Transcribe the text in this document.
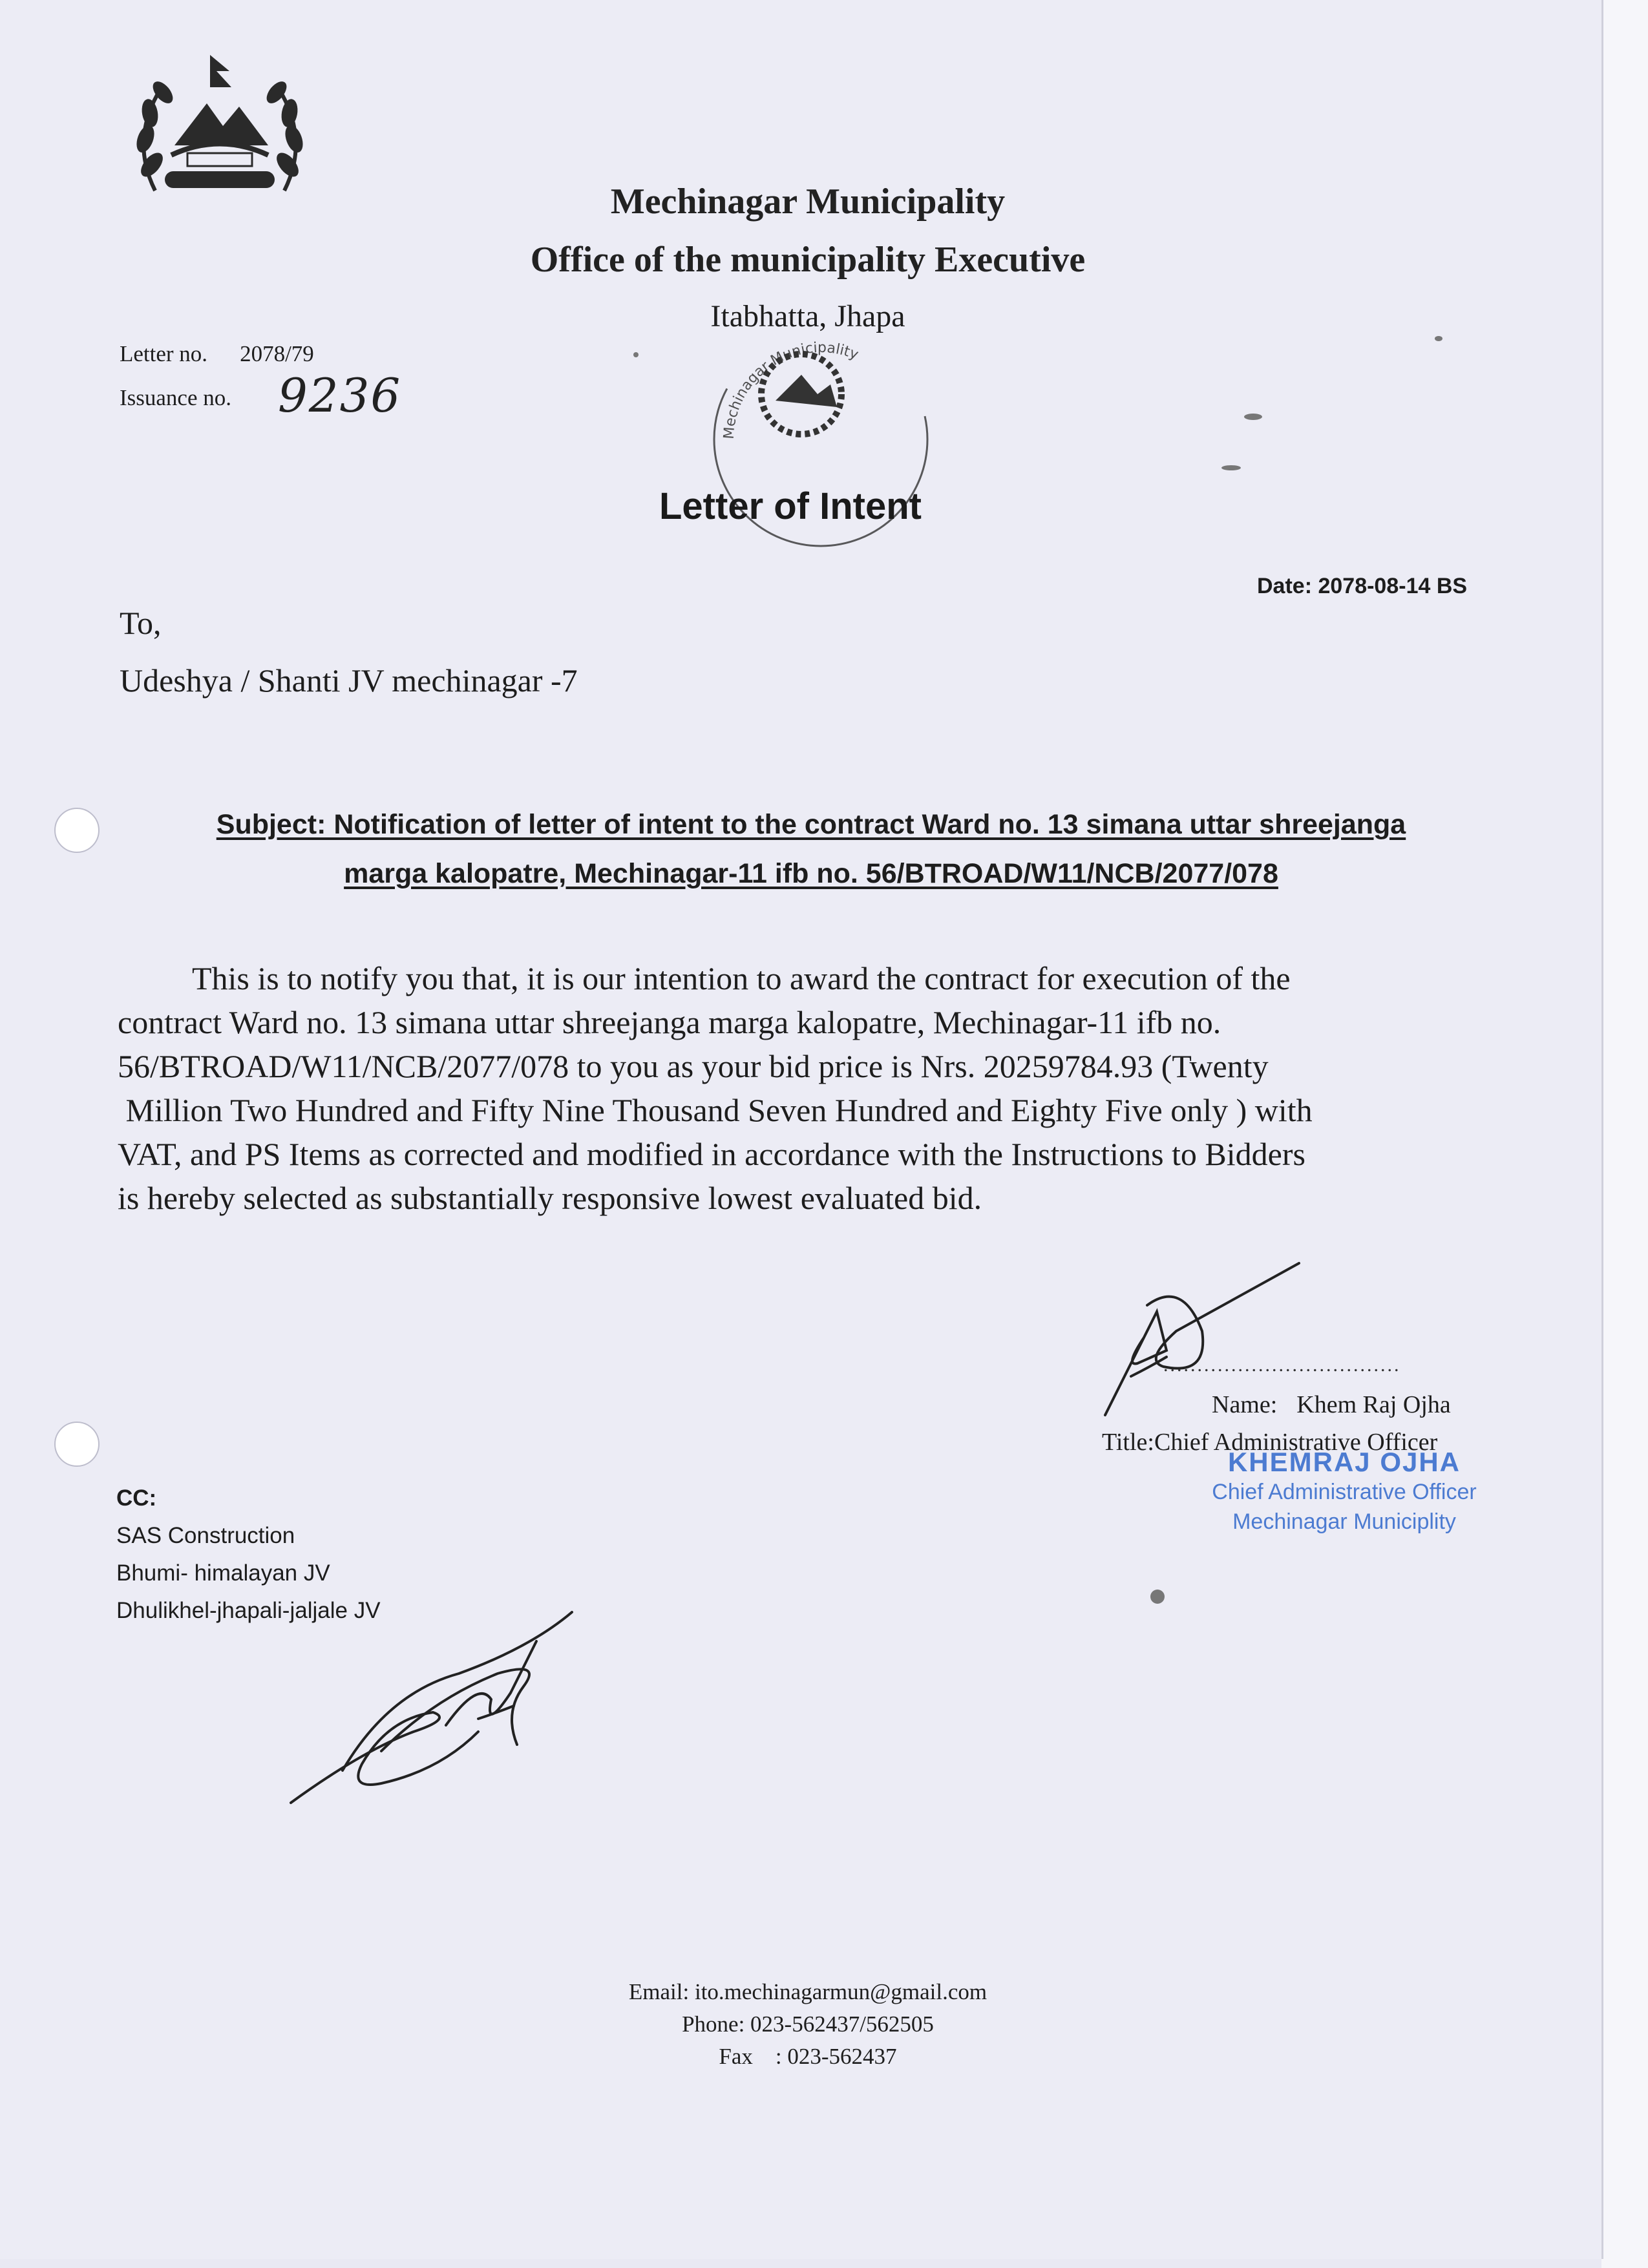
Mechinagar Municipality
Office of the municipality Executive
Itabhatta, Jhapa
Letter no. 2078/79
Issuance no. 9236
Mechinagar Municipality
Letter of Intent
Date: 2078-08-14 BS
To,
Udeshya / Shanti JV mechinagar -7
Subject: Notification of letter of intent to the contract Ward no. 13 simana uttar shreejanga
marga kalopatre, Mechinagar-11 ifb no. 56/BTROAD/W11/NCB/2077/078
This is to notify you that, it is our intention to award the contract for execution of the
contract Ward no. 13 simana uttar shreejanga marga kalopatre, Mechinagar-11 ifb no.
56/BTROAD/W11/NCB/2077/078 to you as your bid price is Nrs. 20259784.93 (Twenty
Million Two Hundred and Fifty Nine Thousand Seven Hundred and Eighty Five only ) with
VAT, and PS Items as corrected and modified in accordance with the Instructions to Bidders
is hereby selected as substantially responsive lowest evaluated bid.
...................................
Name: Khem Raj Ojha
Title:Chief Administrative Officer
KHEMRAJ OJHA
Chief Administrative Officer
Mechinagar Municiplity
CC:
SAS Construction
Bhumi- himalayan JV
Dhulikhel-jhapali-jaljale JV
Email: ito.mechinagarmun@gmail.com
Phone: 023-562437/562505
Fax    : 023-562437
